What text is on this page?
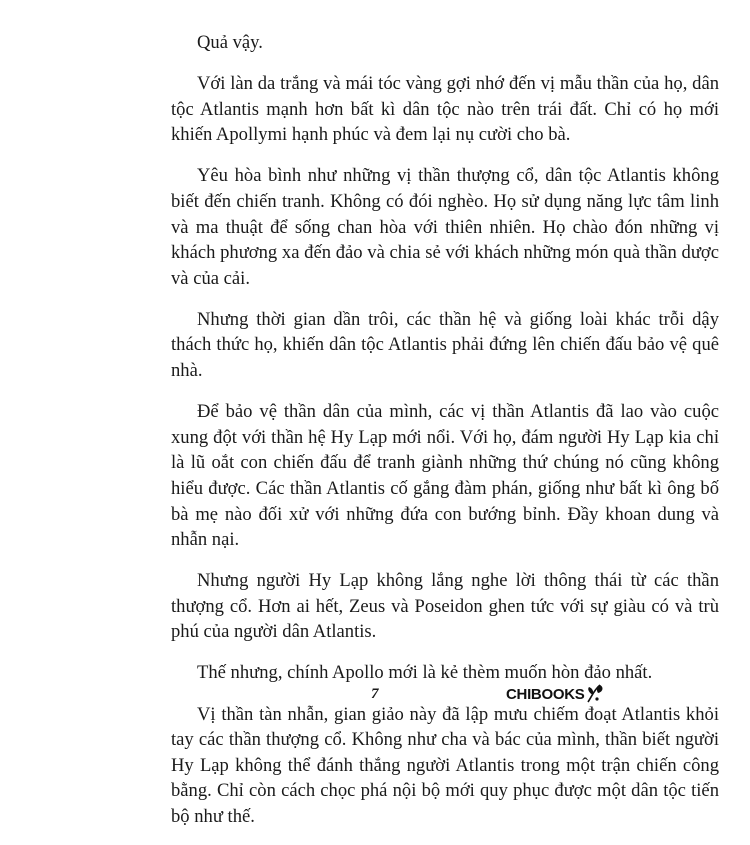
Quả vậy.

Với làn da trắng và mái tóc vàng gợi nhớ đến vị mẫu thần của họ, dân tộc Atlantis mạnh hơn bất kì dân tộc nào trên trái đất. Chỉ có họ mới khiến Apollymi hạnh phúc và đem lại nụ cười cho bà.

Yêu hòa bình như những vị thần thượng cổ, dân tộc Atlantis không biết đến chiến tranh. Không có đói nghèo. Họ sử dụng năng lực tâm linh và ma thuật để sống chan hòa với thiên nhiên. Họ chào đón những vị khách phương xa đến đảo và chia sẻ với khách những món quà thần dược và của cải.

Nhưng thời gian dần trôi, các thần hệ và giống loài khác trỗi dậy thách thức họ, khiến dân tộc Atlantis phải đứng lên chiến đấu bảo vệ quê nhà.

Để bảo vệ thần dân của mình, các vị thần Atlantis đã lao vào cuộc xung đột với thần hệ Hy Lạp mới nổi. Với họ, đám người Hy Lạp kia chỉ là lũ oắt con chiến đấu để tranh giành những thứ chúng nó cũng không hiểu được. Các thần Atlantis cố gắng đàm phán, giống như bất kì ông bố bà mẹ nào đối xử với những đứa con bướng bỉnh. Đầy khoan dung và nhẫn nại.

Nhưng người Hy Lạp không lắng nghe lời thông thái từ các thần thượng cổ. Hơn ai hết, Zeus và Poseidon ghen tức với sự giàu có và trù phú của người dân Atlantis.

Thế nhưng, chính Apollo mới là kẻ thèm muốn hòn đảo nhất.

Vị thần tàn nhẫn, gian giảo này đã lập mưu chiếm đoạt Atlantis khỏi tay các thần thượng cổ. Không như cha và bác của mình, thần biết người Hy Lạp không thể đánh thắng người Atlantis trong một trận chiến công bằng. Chỉ còn cách chọc phá nội bộ mới quy phục được một dân tộc tiến bộ như thế.

7	CHIBOOKS
